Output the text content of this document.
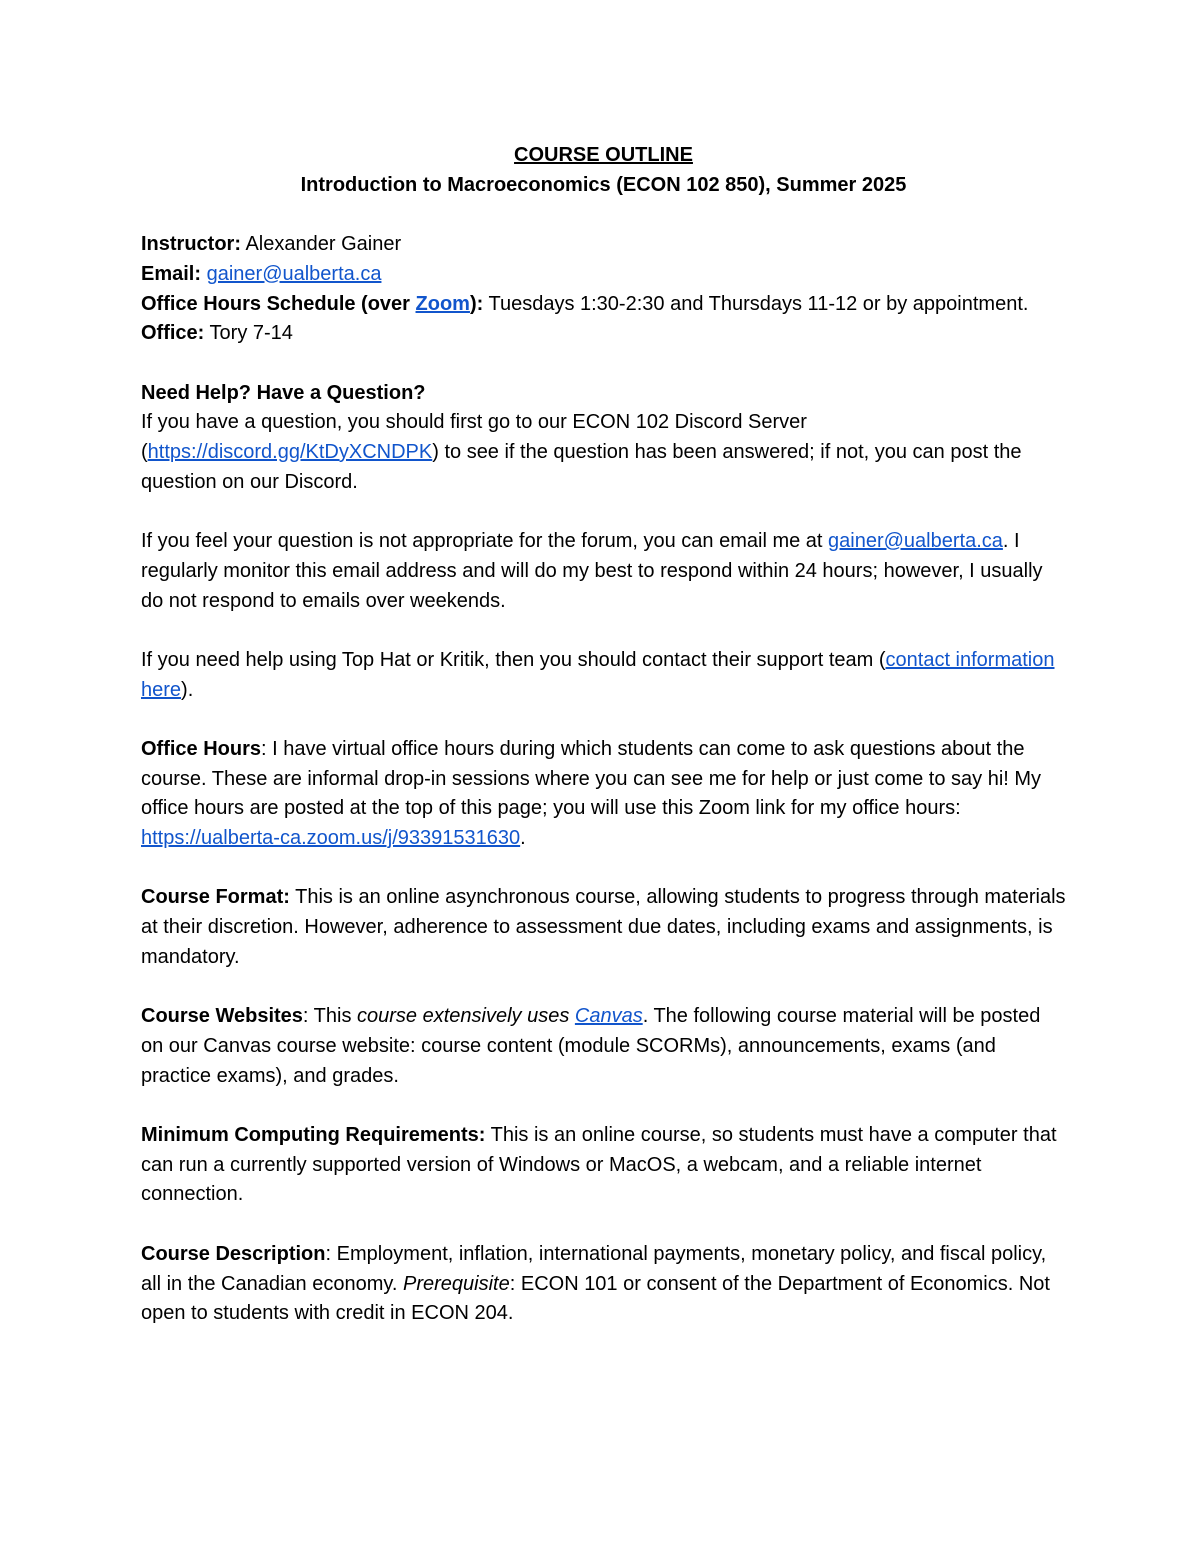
COURSE OUTLINE

Introduction to Macroeconomics (ECON 102 850), Summer 2025

Instructor: Alexander Gainer

Email: gainer@ualberta.ca

Office Hours Schedule (over Zoom): Tuesdays 1:30-2:30 and Thursdays 11-12 or by appointment.

Office: Tory 7-14

Need Help? Have a Question?

If you have a question, you should first go to our ECON 102 Discord Server (https://discord.gg/KtDyXCNDPK) to see if the question has been answered; if not, you can post the question on our Discord.

If you feel your question is not appropriate for the forum, you can email me at gainer@ualberta.ca. I regularly monitor this email address and will do my best to respond within 24 hours; however, I usually do not respond to emails over weekends.

If you need help using Top Hat or Kritik, then you should contact their support team (contact information here).

Office Hours: I have virtual office hours during which students can come to ask questions about the course. These are informal drop-in sessions where you can see me for help or just come to say hi! My office hours are posted at the top of this page; you will use this Zoom link for my office hours: https://ualberta-ca.zoom.us/j/93391531630.

Course Format: This is an online asynchronous course, allowing students to progress through materials at their discretion. However, adherence to assessment due dates, including exams and assignments, is mandatory.

Course Websites: This course extensively uses Canvas. The following course material will be posted on our Canvas course website: course content (module SCORMs), announcements, exams (and practice exams), and grades.

Minimum Computing Requirements: This is an online course, so students must have a computer that can run a currently supported version of Windows or MacOS, a webcam, and a reliable internet connection.

Course Description: Employment, inflation, international payments, monetary policy, and fiscal policy, all in the Canadian economy. Prerequisite: ECON 101 or consent of the Department of Economics. Not open to students with credit in ECON 204.
